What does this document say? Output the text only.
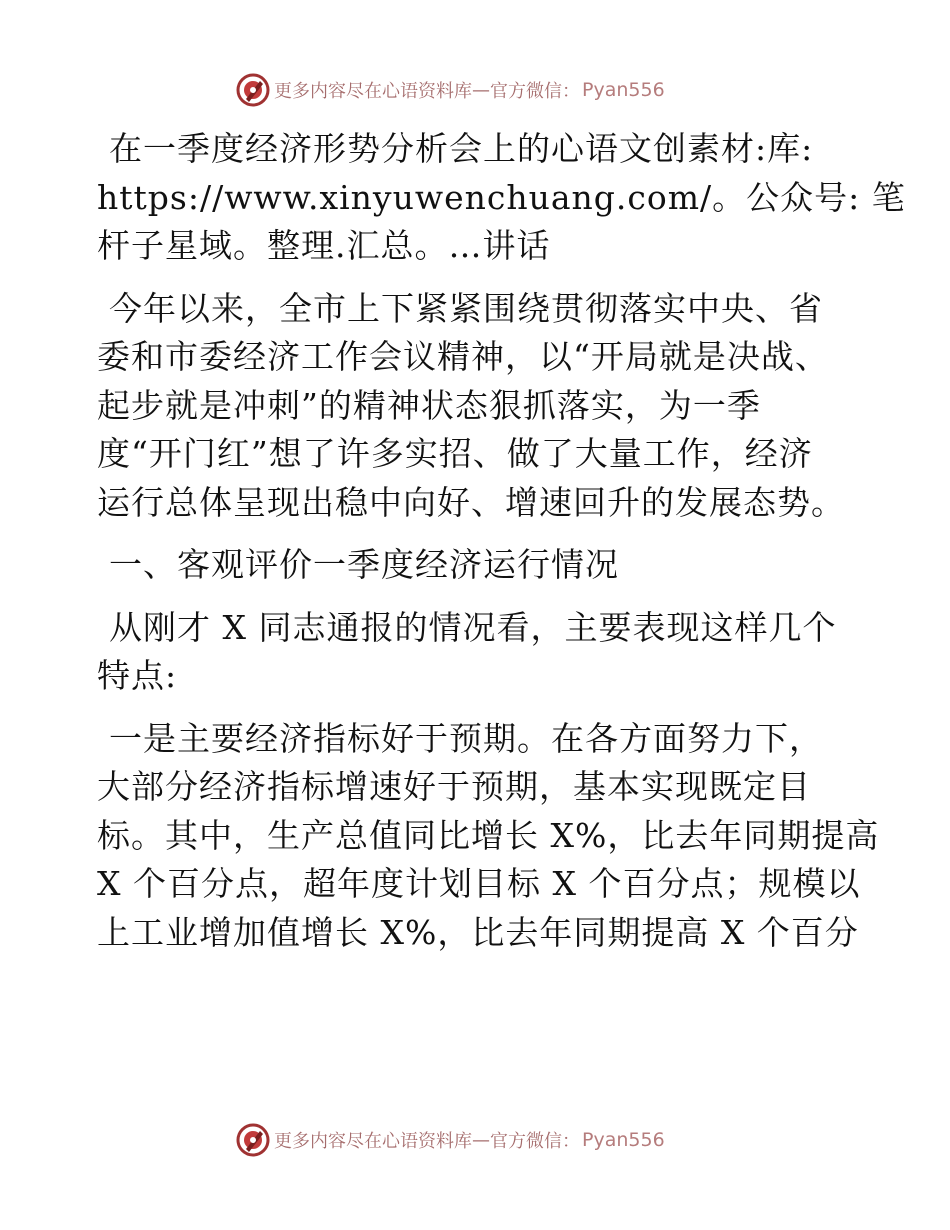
更多内容尽在心语资料库 — 官方微信： Pyan556

在一季度经济形势分析会上的心语文创素材:库:
https://www.xinyuwenchuang.com/。公众号: 笔
杆子星域。整理.汇总。…讲话

今年以来，全市上下紧紧围绕贯彻落实中央、省
委和市委经济工作会议精神，以“开局就是决战、
起步就是冲刺”的精神状态狠抓落实，为一季
度“开门红”想了许多实招、做了大量工作，经济
运行总体呈现出稳中向好、增速回升的发展态势。

一、客观评价一季度经济运行情况

从刚才 X 同志通报的情况看，主要表现这样几个
特点:

一是主要经济指标好于预期。在各方面努力下，
大部分经济指标增速好于预期，基本实现既定目
标。其中，生产总值同比增长 X%，比去年同期提高
X 个百分点，超年度计划目标 X 个百分点；规模以
上工业增加值增长 X%，比去年同期提高 X 个百分

更多内容尽在心语资料库 — 官方微信： Pyan556
